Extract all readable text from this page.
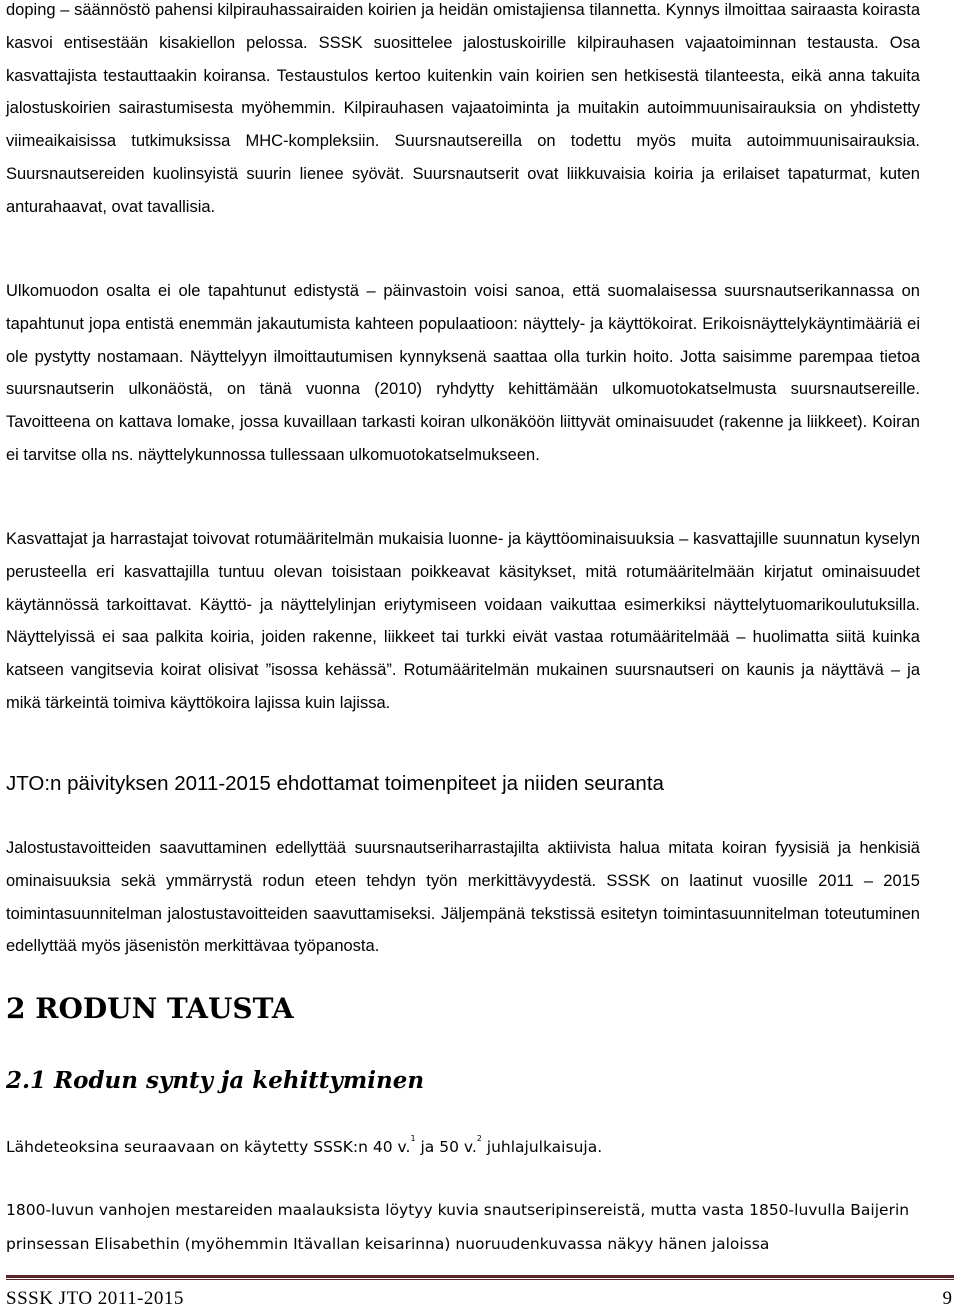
doping – säännöstö pahensi kilpirauhassairaiden koirien ja heidän omistajiensa tilannetta. Kynnys ilmoittaa sairaasta koirasta kasvoi entisestään kisakiellon pelossa. SSSK suosittelee jalostuskoirille kilpirauhasen vajaatoiminnan testausta. Osa kasvattajista testauttaakin koiransa. Testaustulos kertoo kuitenkin vain koirien sen hetkisestä tilanteesta, eikä anna takuita jalostuskoirien sairastumisesta myöhemmin. Kilpirauhasen vajaatoiminta ja muitakin autoimmuunisairauksia on yhdistetty viimeaikaisissa tutkimuksissa MHC-kompleksiin. Suursnautsereilla on todettu myös muita autoimmuunisairauksia. Suursnautsereiden kuolinsyistä suurin lienee syövät. Suursnautserit ovat liikkuvaisia koiria ja erilaiset tapaturmat, kuten anturahaavat, ovat tavallisia.

Ulkomuodon osalta ei ole tapahtunut edistystä – päinvastoin voisi sanoa, että suomalaisessa suursnautserikannassa on tapahtunut jopa entistä enemmän jakautumista kahteen populaatioon: näyttely- ja käyttökoirat. Erikoisnäyttelykäyntimääriä ei ole pystytty nostamaan. Näyttelyyn ilmoittautumisen kynnyksenä saattaa olla turkin hoito. Jotta saisimme parempaa tietoa suursnautserin ulkonäöstä, on tänä vuonna (2010) ryhdytty kehittämään ulkomuotokatselmusta suursnautsereille. Tavoitteena on kattava lomake, jossa kuvaillaan tarkasti koiran ulkonäköön liittyvät ominaisuudet (rakenne ja liikkeet). Koiran ei tarvitse olla ns. näyttelykunnossa tullessaan ulkomuotokatselmukseen.

Kasvattajat ja harrastajat toivovat rotumääritelmän mukaisia luonne- ja käyttöominaisuuksia – kasvattajille suunnatun kyselyn perusteella eri kasvattajilla tuntuu olevan toisistaan poikkeavat käsitykset, mitä rotumääritelmään kirjatut ominaisuudet käytännössä tarkoittavat. Käyttö- ja näyttelylinjan eriytymiseen voidaan vaikuttaa esimerkiksi näyttelytuomarikoulutuksilla. Näyttelyissä ei saa palkita koiria, joiden rakenne, liikkeet tai turkki eivät vastaa rotumääritelmää – huolimatta siitä kuinka katseen vangitsevia koirat olisivat ”isossa kehässä”. Rotumääritelmän mukainen suursnautseri on kaunis ja näyttävä – ja mikä tärkeintä toimiva käyttökoira lajissa kuin lajissa.

JTO:n päivityksen 2011-2015 ehdottamat toimenpiteet ja niiden seuranta

Jalostustavoitteiden saavuttaminen edellyttää suursnautseriharrastajilta aktiivista halua mitata koiran fyysisiä ja henkisiä ominaisuuksia sekä ymmärrystä rodun eteen tehdyn työn merkittävyydestä. SSSK on laatinut vuosille 2011 – 2015 toimintasuunnitelman jalostustavoitteiden saavuttamiseksi. Jäljempänä tekstissä esitetyn toimintasuunnitelman toteutuminen edellyttää myös jäsenistön merkittävaa työpanosta.

2 RODUN TAUSTA
2.1 Rodun synty ja kehittyminen

Lähdeteoksina seuraavaan on käytetty SSSK:n 40 v.$^1$ ja 50 v.$^2$ juhlajulkaisuja.

1800-luvun vanhojen mestareiden maalauksista löytyy kuvia snautseripinsereistä, mutta vasta 1850-luvulla Baijerin prinsessan Elisabethin (myöhemmin Itävallan keisarinna) nuoruudenkuvassa näkyy hänen jaloissa

SSSK JTO 2011-2015	9
